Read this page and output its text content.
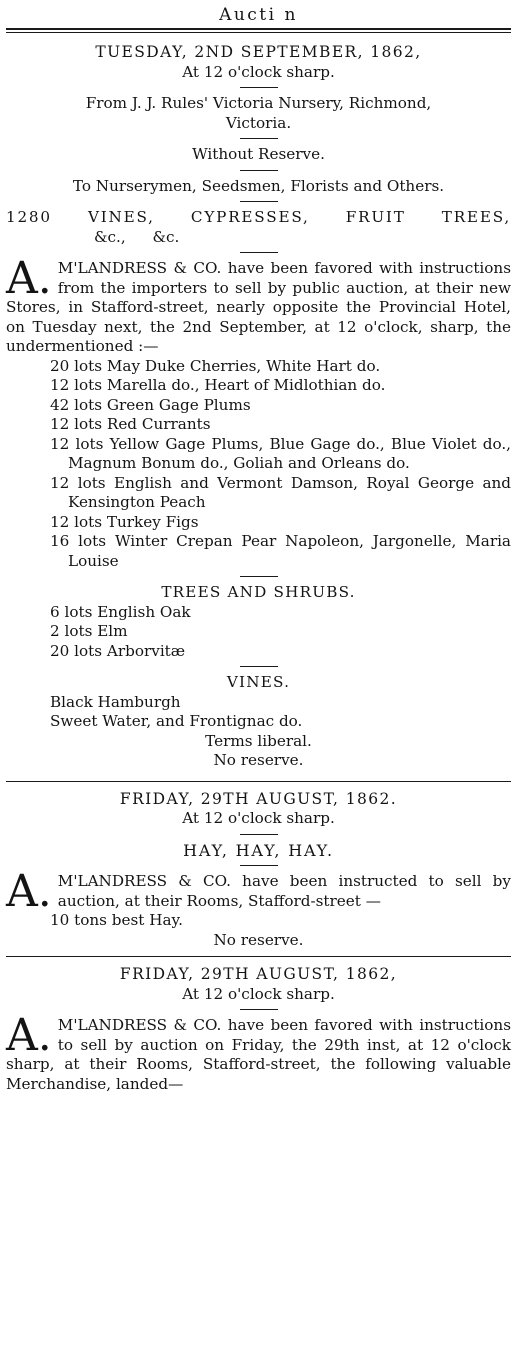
Aucti n
TUESDAY, 2ND SEPTEMBER, 1862,
At 12 o'clock sharp.
From J. J. Rules' Victoria Nursery, Richmond,
Victoria.
Without Reserve.
To Nurserymen, Seedsmen, Florists and Others.
1280 VINES, CYPRESSES, FRUIT TREES,
&c., &c.

A. M'LANDRESS & CO. have been favored with instructions from the importers to sell by public auction, at their new Stores, in Stafford-street, nearly opposite the Provincial Hotel, on Tuesday next, the 2nd September, at 12 o'clock, sharp, the undermentioned :—

20 lots May Duke Cherries, White Hart do.
12 lots Marella do., Heart of Midlothian do.
42 lots Green Gage Plums
12 lots Red Currants
12 lots Yellow Gage Plums, Blue Gage do., Blue Violet do., Magnum Bonum do., Goliah and Orleans do.
12 lots English and Vermont Damson, Royal George and Kensington Peach
12 lots Turkey Figs
16 lots Winter Crepan Pear Napoleon, Jargonelle, Maria Louise
TREES AND SHRUBS.
6 lots English Oak
2 lots Elm
20 lots Arborvitæ
VINES.
Black Hamburgh
Sweet Water, and Frontignac do.
Terms liberal.
No reserve.
FRIDAY, 29TH AUGUST, 1862.
At 12 o'clock sharp.
HAY, HAY, HAY.

A. M'LANDRESS & CO. have been instructed to sell by auction, at their Rooms, Stafford-street —

10 tons best Hay.
No reserve.
FRIDAY, 29TH AUGUST, 1862,
At 12 o'clock sharp.

A. M'LANDRESS & CO. have been favored with instructions to sell by auction on Friday, the 29th inst, at 12 o'clock sharp, at their Rooms, Stafford-street, the following valuable Merchandise, landed—
